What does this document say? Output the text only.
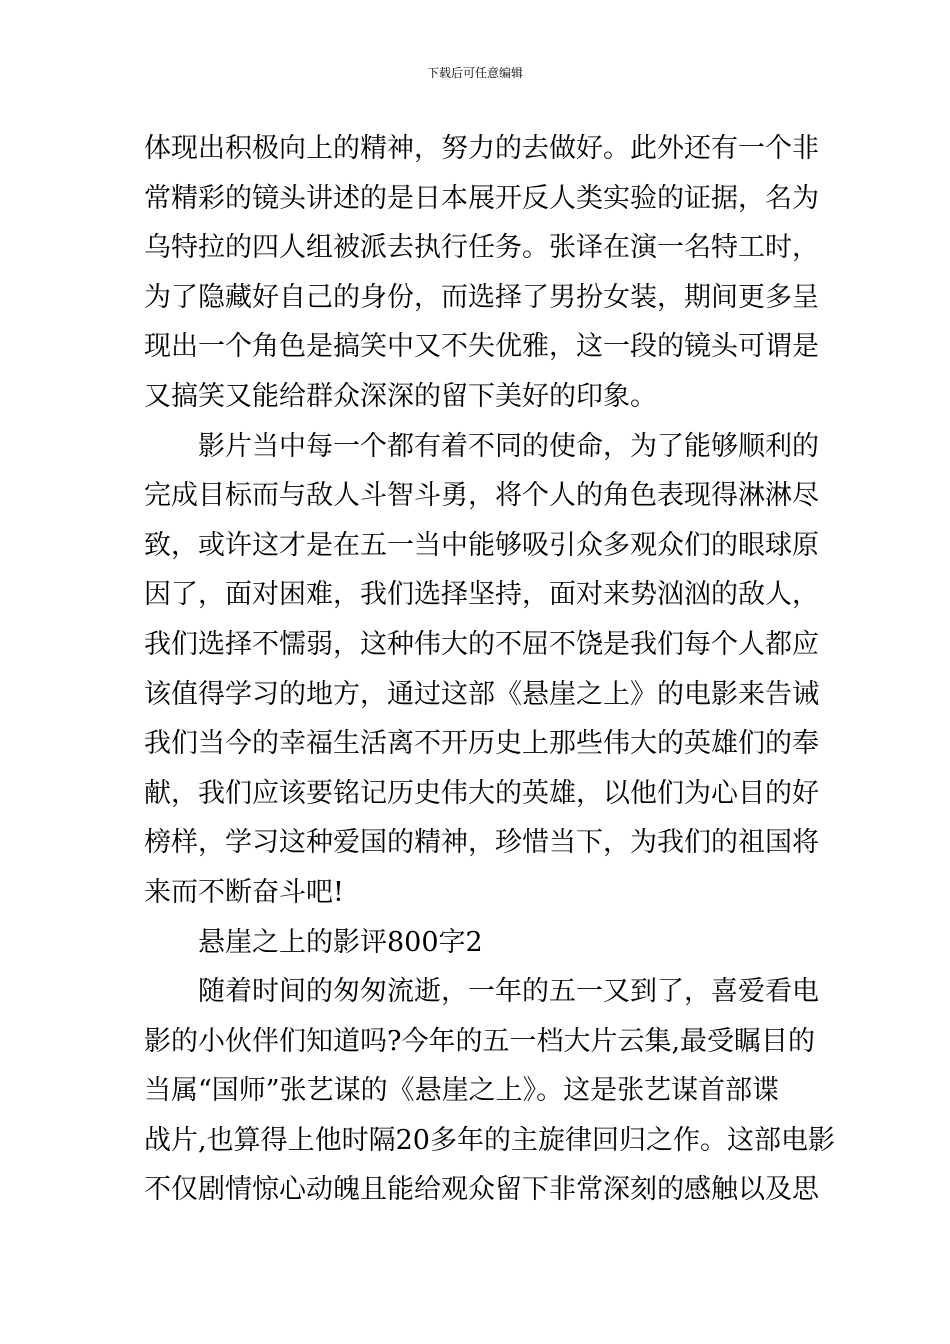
下载后可任意编辑

体现出积极向上的精神，努力的去做好。此外还有一个非

常精彩的镜头讲述的是日本展开反人类实验的证据，名为

乌特拉的四人组被派去执行任务。张译在演一名特工时，

为了隐藏好自己的身份，而选择了男扮女装，期间更多呈

现出一个角色是搞笑中又不失优雅，这一段的镜头可谓是

又搞笑又能给群众深深的留下美好的印象。

　　影片当中每一个都有着不同的使命，为了能够顺利的

完成目标而与敌人斗智斗勇，将个人的角色表现得淋淋尽

致，或许这才是在五一当中能够吸引众多观众们的眼球原

因了，面对困难，我们选择坚持，面对来势汹汹的敌人，

我们选择不懦弱，这种伟大的不屈不饶是我们每个人都应

该值得学习的地方，通过这部《悬崖之上》的电影来告诫

我们当今的幸福生活离不开历史上那些伟大的英雄们的奉

献，我们应该要铭记历史伟大的英雄，以他们为心目的好

榜样，学习这种爱国的精神，珍惜当下，为我们的祖国将

来而不断奋斗吧!

　　悬崖之上的影评800字2

　　随着时间的匆匆流逝，一年的五一又到了，喜爱看电

影的小伙伴们知道吗?今年的五一档大片云集,最受瞩目的

当属“国师”张艺谋的《悬崖之上》。这是张艺谋首部谍

战片,也算得上他时隔20多年的主旋律回归之作。这部电影

不仅剧情惊心动魄且能给观众留下非常深刻的感触以及思
